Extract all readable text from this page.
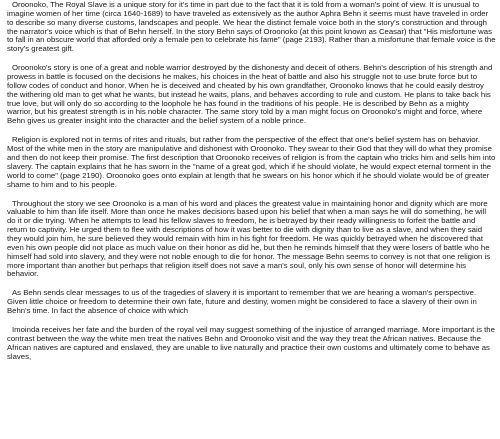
Oroonoko, The Royal Slave is a unique story for it's time in part due to the fact that it is told from a woman's point of view. It is unusual to imagine women of her time (circa 1640-1689) to have traveled as extensively as the author Aphra Behn it seems must have traveled in order to describe so many diverse customs, landscapes and people. We hear the distinct female voice both in the story's construction and through the narrator's voice which is that of Behn herself. In the story Behn says of Oroonoko (at this point known as Ceasar) that "His misfortune was to fall in an obscure world that afforded only a female pen to celebrate his fame" (page 2193). Rather than a misfortune that female voice is the story's greatest gift.

Oroonoko's story is one of a great and noble warrior destroyed by the dishonesty and deceit of others. Behn's description of his strength and prowess in battle is focused on the decisions he makes, his choices in the heat of battle and also his struggle not to use brute force but to follow codes of conduct and honor. When he is deceived and cheated by his own grandfather, Oroonoko knows that he could easily destroy the withering old man to get what he wants, but instead he waits, plans, and behaves according to rule and custom. He plans to take back his true love, but will only do so according to the loophole he has found in the traditions of his people. He is described by Behn as a mighty warrior, but his greatest strength is in his noble character. The same story told by a man might focus on Oroonoko's might and force, where Behn gives us greater insight into the character and the belief system of a noble prince.

Religion is explored not in terms of rites and rituals, but rather from the perspective of the effect that one's belief system has on behavior. Most of the white men in the story are manipulative and dishonest with Oroonoko. They swear to their God that they will do what they promise and then do not keep their promise. The first description that Oroonoko receives of religion is from the captain who tricks him and sells him into slavery. The captain explains that he has sworn in the "name of a great god, which if he should violate, he would expect eternal torment in the world to come" (page 2190). Oroonoko goes onto explain at length that he swears on his honor which if he should violate would be of greater shame to him and to his people.

Throughout the story we see Oroonoko is a man of his word and places the greatest value in maintaining honor and dignity which are more valuable to him than life itself. More than once he makes decisions based upon his belief that when a man says he will do something, he will do it or die trying. When he attempts to lead his fellow slaves to freedom, he is betrayed by their ready willingness to forfeit the battle and return to captivity. He urged them to flee with descriptions of how it was better to die with dignity than to live as a slave, and when they said they would join him, he sure believed they would remain with him in his fight for freedom. He was quickly betrayed when he discovered that even his own people did not place as much value on their honor as did he, but then he reminds himself that they were losers of battle who he himself had sold into slavery, and they were not noble enough to die for honor. The message Behn seems to convey is not that one religion is more important than another but perhaps that religion itself does not save a man's soul, only his own sense of honor will determine his behavior.

As Behn sends clear messages to us of the tragedies of slavery it is important to remember that we are hearing a woman's perspective. Given little choice or freedom to determine their own fate, future and destiny, women might be considered to face a slavery of their own in Behn's time. In fact the absence of choice with which

Imoinda receives her fate and the burden of the royal veil may suggest something of the injustice of arranged marriage. More important is the contrast between the way the white men treat the natives Behn and Oroonoko visit and the way they treat the African natives. Because the African natives are captured and enslaved, they are unable to live naturally and practice their own customs and ultimately come to behave as slaves,
